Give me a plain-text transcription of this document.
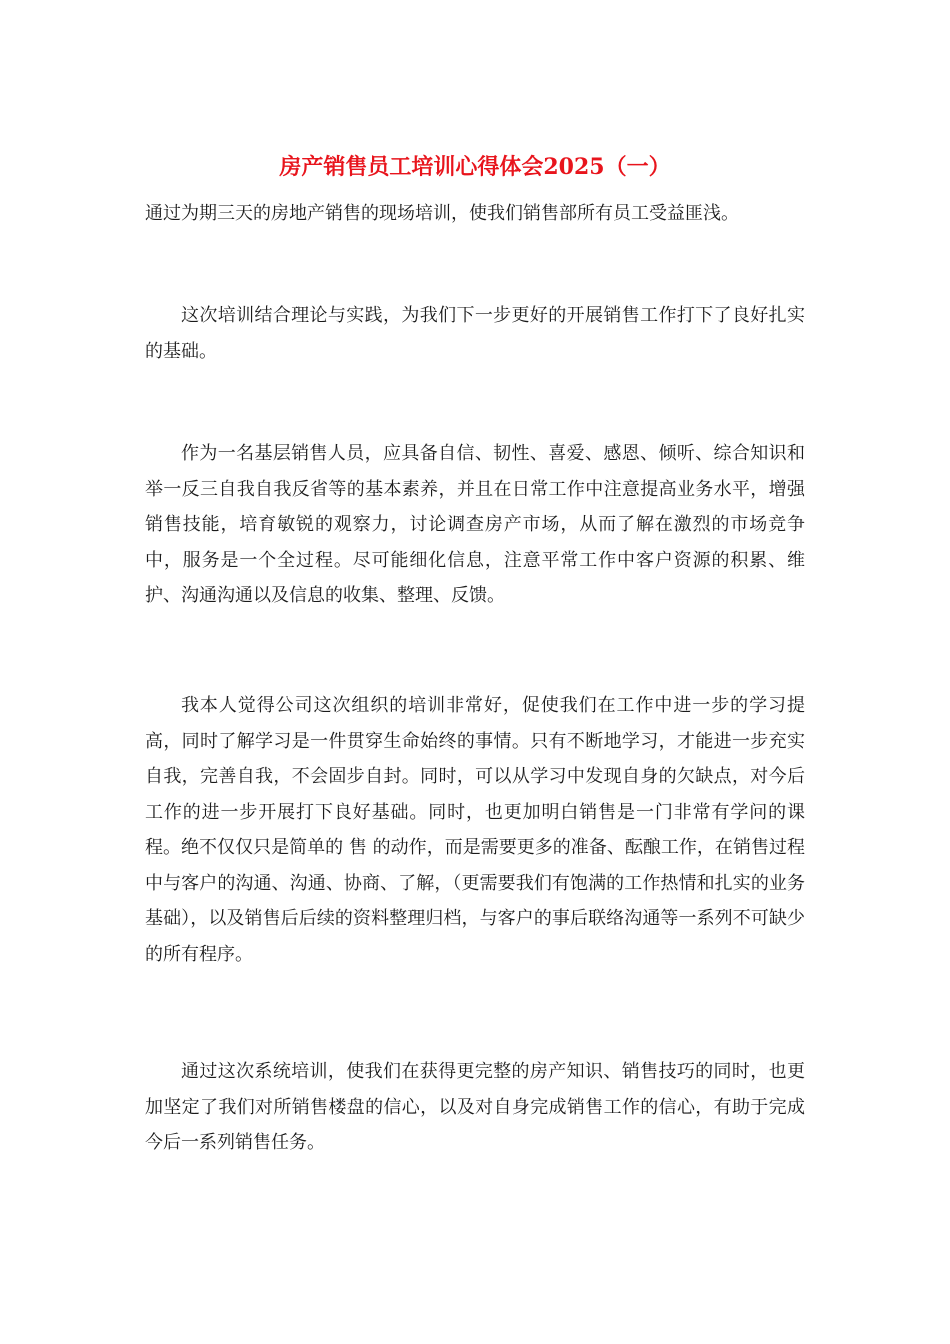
房产销售员工培训心得体会2025（一）

通过为期三天的房地产销售的现场培训，使我们销售部所有员工受益匪浅。

这次培训结合理论与实践，为我们下一步更好的开展销售工作打下了良好扎实的基础。

作为一名基层销售人员，应具备自信、韧性、喜爱、感恩、倾听、综合知识和举一反三自我自我反省等的基本素养，并且在日常工作中注意提高业务水平，增强销售技能，培育敏锐的观察力，讨论调查房产市场，从而了解在激烈的市场竞争中，服务是一个全过程。尽可能细化信息，注意平常工作中客户资源的积累、维护、沟通沟通以及信息的收集、整理、反馈。

我本人觉得公司这次组织的培训非常好，促使我们在工作中进一步的学习提高，同时了解学习是一件贯穿生命始终的事情。只有不断地学习，才能进一步充实自我，完善自我，不会固步自封。同时，可以从学习中发现自身的欠缺点，对今后工作的进一步开展打下良好基础。同时，也更加明白销售是一门非常有学问的课程。绝不仅仅只是简单的 售 的动作，而是需要更多的准备、酝酿工作，在销售过程中与客户的沟通、沟通、协商、了解，（更需要我们有饱满的工作热情和扎实的业务基础），以及销售后后续的资料整理归档，与客户的事后联络沟通等一系列不可缺少的所有程序。

通过这次系统培训，使我们在获得更完整的房产知识、销售技巧的同时，也更加坚定了我们对所销售楼盘的信心，以及对自身完成销售工作的信心，有助于完成今后一系列销售任务。
